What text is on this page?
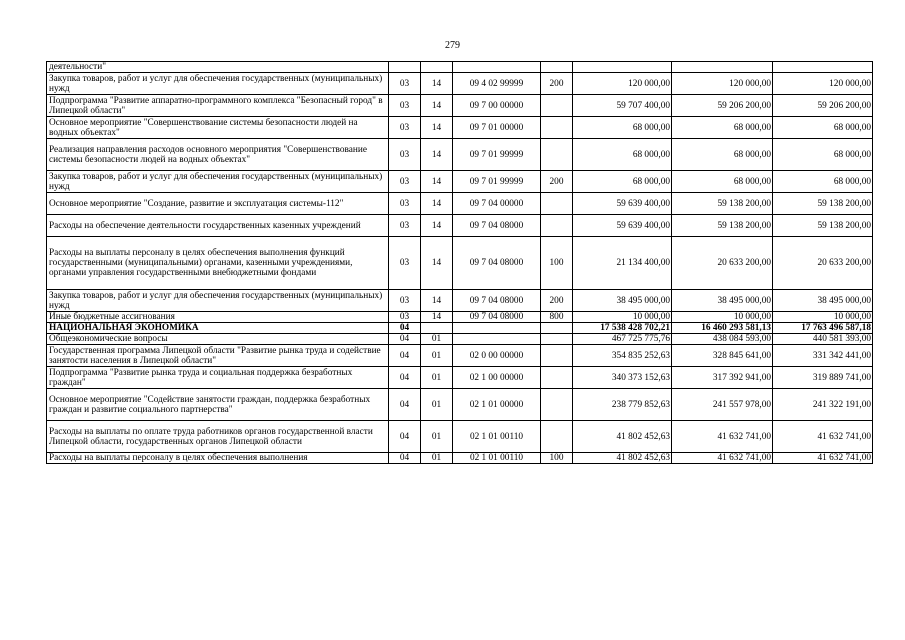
279
деятельности"							
Закупка товаров, работ и услуг для обеспечения государственных (муниципальных) нужд	03	14	09 4 02 99999	200	120 000,00	120 000,00	120 000,00
Подпрограмма "Развитие аппаратно-программного комплекса "Безопасный город" в Липецкой области"	03	14	09 7 00 00000		59 707 400,00	59 206 200,00	59 206 200,00
Основное мероприятие "Совершенствование системы безопасности людей на водных объектах"	03	14	09 7 01 00000		68 000,00	68 000,00	68 000,00
Реализация направления расходов основного мероприятия "Совершенствование системы безопасности людей на водных объектах"	03	14	09 7 01 99999		68 000,00	68 000,00	68 000,00
Закупка товаров, работ и услуг для обеспечения государственных (муниципальных) нужд	03	14	09 7 01 99999	200	68 000,00	68 000,00	68 000,00
Основное мероприятие "Создание, развитие и эксплуатация системы-112"	03	14	09 7 04 00000		59 639 400,00	59 138 200,00	59 138 200,00
Расходы на обеспечение деятельности государственных казенных учреждений	03	14	09 7 04 08000		59 639 400,00	59 138 200,00	59 138 200,00
Расходы на выплаты персоналу в целях обеспечения выполнения функций государственными (муниципальными) органами, казенными учреждениями, органами управления государственными внебюджетными фондами	03	14	09 7 04 08000	100	21 134 400,00	20 633 200,00	20 633 200,00
Закупка товаров, работ и услуг для обеспечения государственных (муниципальных) нужд	03	14	09 7 04 08000	200	38 495 000,00	38 495 000,00	38 495 000,00
Иные бюджетные ассигнования	03	14	09 7 04 08000	800	10 000,00	10 000,00	10 000,00
НАЦИОНАЛЬНАЯ ЭКОНОМИКА	04				17 538 428 702,21	16 460 293 581,13	17 763 496 587,18
Общеэкономические вопросы	04	01			467 725 775,76	438 084 593,00	440 581 393,00
Государственная программа Липецкой области "Развитие рынка труда и содействие занятости населения в Липецкой области"	04	01	02 0 00 00000		354 835 252,63	328 845 641,00	331 342 441,00
Подпрограмма "Развитие рынка труда и социальная поддержка безработных граждан"	04	01	02 1 00 00000		340 373 152,63	317 392 941,00	319 889 741,00
Основное мероприятие "Содействие занятости граждан, поддержка безработных граждан и развитие социального партнерства"	04	01	02 1 01 00000		238 779 852,63	241 557 978,00	241 322 191,00
Расходы на выплаты по оплате труда работников органов государственной власти Липецкой области, государственных органов Липецкой области	04	01	02 1 01 00110		41 802 452,63	41 632 741,00	41 632 741,00
Расходы на выплаты персоналу в целях обеспечения выполнения	04	01	02 1 01 00110	100	41 802 452,63	41 632 741,00	41 632 741,00
